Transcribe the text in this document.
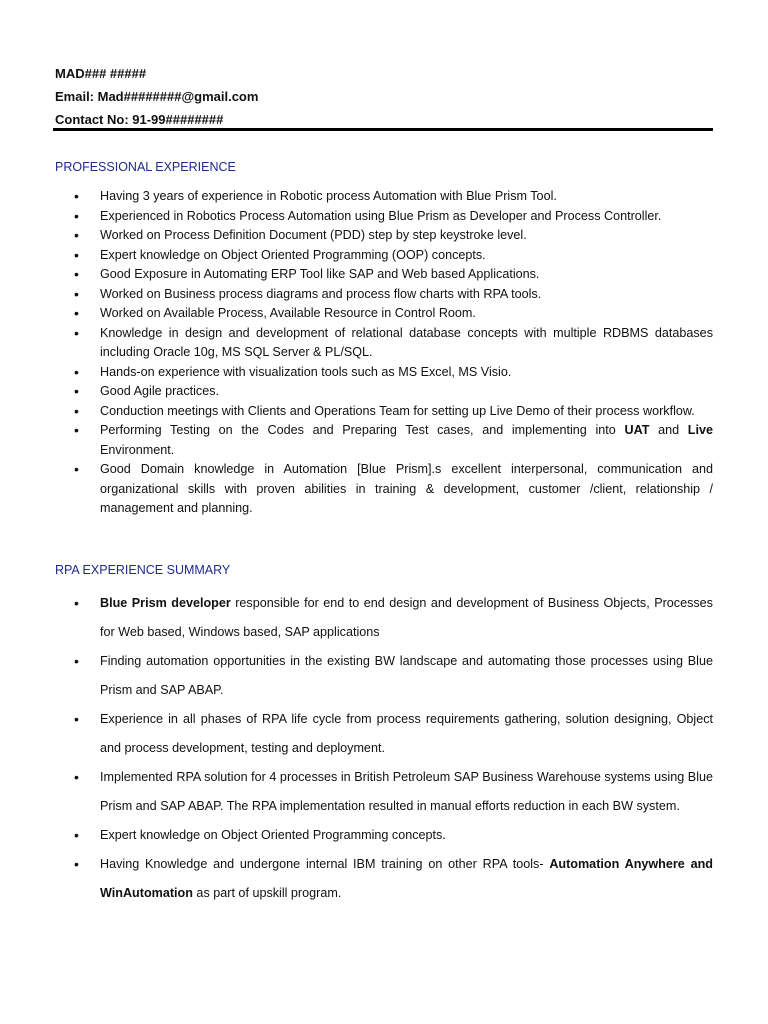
MAD### #####
Email: Mad########@gmail.com
Contact No: 91-99########
PROFESSIONAL EXPERIENCE
• Having 3 years of experience in Robotic process Automation with Blue Prism Tool.
• Experienced in Robotics Process Automation using Blue Prism as Developer and Process Controller.
• Worked on Process Definition Document (PDD) step by step keystroke level.
• Expert knowledge on Object Oriented Programming (OOP) concepts.
• Good Exposure in Automating ERP Tool like SAP and Web based Applications.
• Worked on Business process diagrams and process flow charts with RPA tools.
• Worked on Available Process, Available Resource in Control Room.
• Knowledge in design and development of relational database concepts with multiple RDBMS databases including Oracle 10g, MS SQL Server & PL/SQL.
• Hands-on experience with visualization tools such as MS Excel, MS Visio.
• Good Agile practices.
• Conduction meetings with Clients and Operations Team for setting up Live Demo of their process workflow.
• Performing Testing on the Codes and Preparing Test cases, and implementing into UAT and Live Environment.
• Good Domain knowledge in Automation [Blue Prism].s excellent interpersonal, communication and organizational skills with proven abilities in training & development, customer /client, relationship / management and planning.
RPA EXPERIENCE SUMMARY
• Blue Prism developer responsible for end to end design and development of Business Objects, Processes for Web based, Windows based, SAP applications
• Finding automation opportunities in the existing BW landscape and automating those processes using Blue Prism and SAP ABAP.
• Experience in all phases of RPA life cycle from process requirements gathering, solution designing, Object and process development, testing and deployment.
• Implemented RPA solution for 4 processes in British Petroleum SAP Business Warehouse systems using Blue Prism and SAP ABAP. The RPA implementation resulted in manual efforts reduction in each BW system.
• Expert knowledge on Object Oriented Programming concepts.
• Having Knowledge and undergone internal IBM training on other RPA tools- Automation Anywhere and WinAutomation as part of upskill program.
